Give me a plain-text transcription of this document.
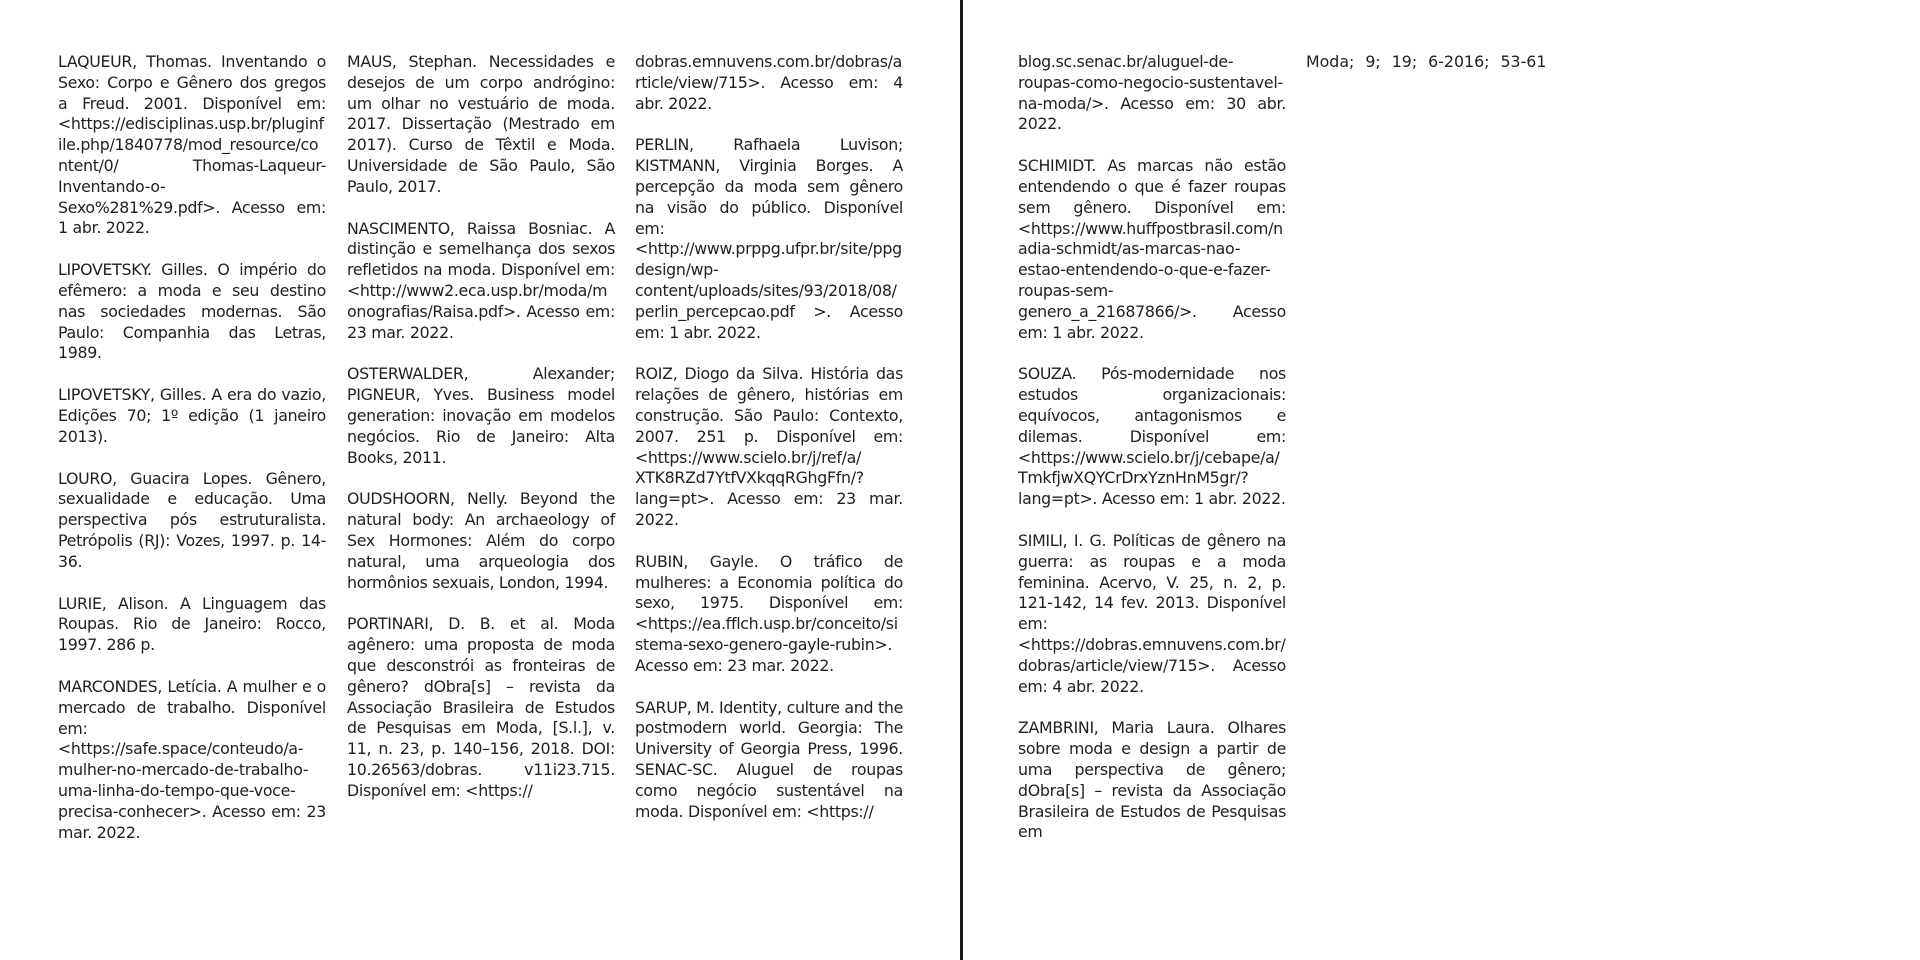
LAQUEUR, Thomas. Inventando o Sexo: Corpo e Gênero dos gregos a Freud. 2001. Disponível em: <https://edisciplinas.usp.br/pluginfile.php/1840778/mod_resource/content/0/ Thomas-Laqueur-Inventando-o-Sexo%281%29.pdf>. Acesso em: 1 abr. 2022.

LIPOVETSKY. Gilles. O império do efêmero: a moda e seu destino nas sociedades modernas. São Paulo: Companhia das Letras, 1989.

LIPOVETSKY, Gilles. A era do vazio, Edições 70; 1º edição (1 janeiro 2013).

LOURO, Guacira Lopes. Gênero, sexualidade e educação. Uma perspectiva pós estruturalista. Petrópolis (RJ): Vozes, 1997. p. 14-36.

LURIE, Alison. A Linguagem das Roupas. Rio de Janeiro: Rocco, 1997. 286 p.

MARCONDES, Letícia. A mulher e o mercado de trabalho. Disponível em: <https://safe.space/conteudo/a-mulher-no-mercado-de-trabalho-uma-linha-do-tempo-que-voce-precisa-conhecer>. Acesso em: 23 mar. 2022.

MAUS, Stephan. Necessidades e desejos de um corpo andrógino: um olhar no vestuário de moda. 2017. Dissertação (Mestrado em 2017). Curso de Têxtil e Moda. Universidade de São Paulo, São Paulo, 2017.

NASCIMENTO, Raissa Bosniac. A distinção e semelhança dos sexos refletidos na moda. Disponível em: <http://www2.eca.usp.br/moda/monografias/Raisa.pdf>. Acesso em: 23 mar. 2022.

OSTERWALDER, Alexander; PIGNEUR, Yves. Business model generation: inovação em modelos negócios. Rio de Janeiro: Alta Books, 2011.

OUDSHOORN, Nelly. Beyond the natural body: An archaeology of Sex Hormones: Além do corpo natural, uma arqueologia dos hormônios sexuais, London, 1994.

PORTINARI, D. B. et al. Moda agênero: uma proposta de moda que desconstrói as fronteiras de gênero? dObra[s] – revista da Associação Brasileira de Estudos de Pesquisas em Moda, [S.l.], v. 11, n. 23, p. 140–156, 2018. DOI: 10.26563/dobras. v11i23.715. Disponível em: <https://

dobras.emnuvens.com.br/dobras/article/view/715>. Acesso em: 4 abr. 2022.

PERLIN, Rafhaela Luvison; KISTMANN, Virginia Borges. A percepção da moda sem gênero na visão do público. Disponível em: <http://www.prppg.ufpr.br/site/ppgdesign/wp-content/uploads/sites/93/2018/08/perlin_percepcao.pdf >. Acesso em: 1 abr. 2022.

ROIZ, Diogo da Silva. História das relações de gênero, histórias em construção. São Paulo: Contexto, 2007. 251 p. Disponível em: <https://www.scielo.br/j/ref/a/ XTK8RZd7YtfVXkqqRGhgFfn/?lang=pt>. Acesso em: 23 mar. 2022.

RUBIN, Gayle. O tráfico de mulheres: a Economia política do sexo, 1975. Disponível em: <https://ea.fflch.usp.br/conceito/sistema-sexo-genero-gayle-rubin>. Acesso em: 23 mar. 2022.

SARUP, M. Identity, culture and the postmodern world. Georgia: The University of Georgia Press, 1996. SENAC-SC. Aluguel de roupas como negócio sustentável na moda. Disponível em: <https://

blog.sc.senac.br/aluguel-de-roupas-como-negocio-sustentavel-na-moda/>. Acesso em: 30 abr. 2022.

SCHIMIDT. As marcas não estão entendendo o que é fazer roupas sem gênero. Disponível em: <https://www.huffpostbrasil.com/nadia-schmidt/as-marcas-nao-estao-entendendo-o-que-e-fazer-roupas-sem-genero_a_21687866/>. Acesso em: 1 abr. 2022.

SOUZA. Pós-modernidade nos estudos organizacionais: equívocos, antagonismos e dilemas. Disponível em: <https://www.scielo.br/j/cebape/a/TmkfjwXQYCrDrxYznHnM5gr/?lang=pt>. Acesso em: 1 abr. 2022.

SIMILI, I. G. Políticas de gênero na guerra: as roupas e a moda feminina. Acervo, V. 25, n. 2, p. 121-142, 14 fev. 2013. Disponível em: <https://dobras.emnuvens.com.br/dobras/article/view/715>. Acesso em: 4 abr. 2022.

ZAMBRINI, Maria Laura. Olhares sobre moda e design a partir de uma perspectiva de gênero; dObra[s] – revista da Associação Brasileira de Estudos de Pesquisas em

Moda; 9; 19; 6-2016; 53-61
